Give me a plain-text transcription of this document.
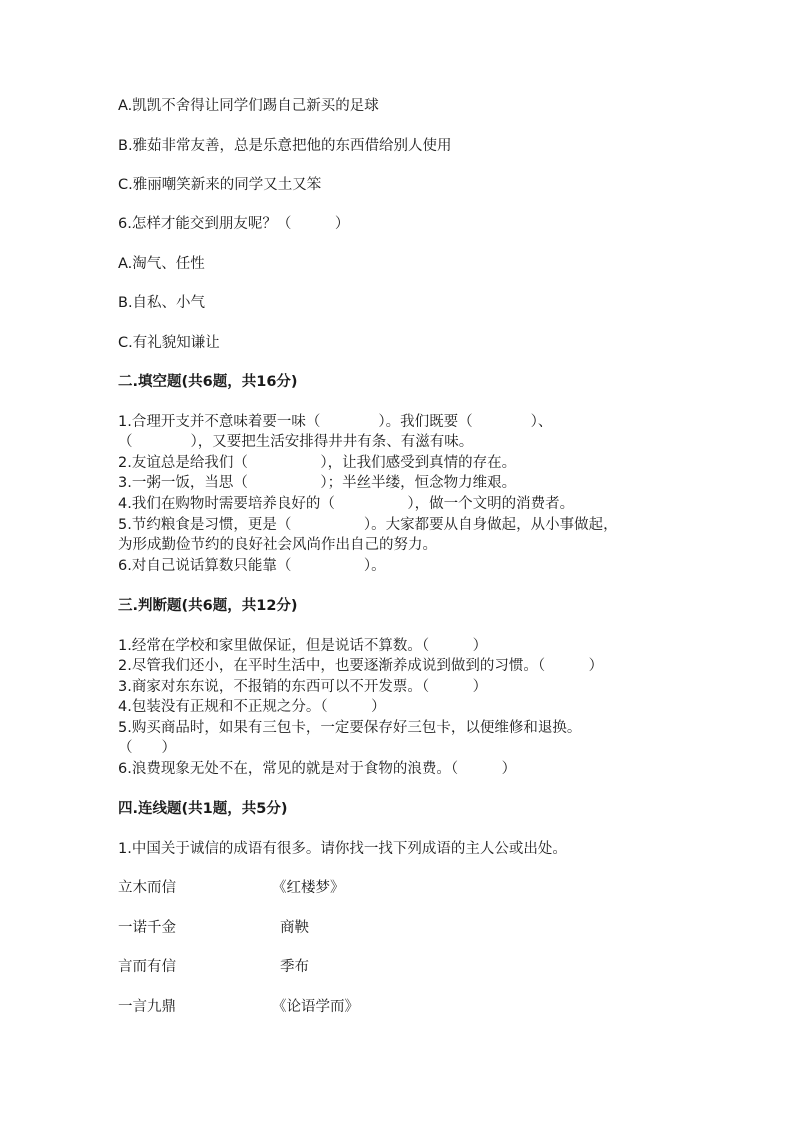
A.凯凯不舍得让同学们踢自己新买的足球
B.雅茹非常友善，总是乐意把他的东西借给别人使用
C.雅丽嘲笑新来的同学又土又笨
6.怎样才能交到朋友呢？（　　　）
A.淘气、任性
B.自私、小气
C.有礼貌知谦让
二.填空题(共6题，共16分)
1.合理开支并不意味着要一味（　　　　）。我们既要（　　　　）、
（　　　　），又要把生活安排得井井有条、有滋有味。
2.友谊总是给我们（　　　　　），让我们感受到真情的存在。
3.一粥一饭，当思（　　　　　）；半丝半缕，恒念物力维艰。
4.我们在购物时需要培养良好的（　　　　　），做一个文明的消费者。
5.节约粮食是习惯，更是（　　　　　）。大家都要从自身做起，从小事做起，
为形成勤俭节约的良好社会风尚作出自己的努力。
6.对自己说话算数只能靠（　　　　　）。
三.判断题(共6题，共12分)
1.经常在学校和家里做保证，但是说话不算数。（　　　）
2.尽管我们还小，在平时生活中，也要逐渐养成说到做到的习惯。（　　　）
3.商家对东东说，不报销的东西可以不开发票。（　　　）
4.包装没有正规和不正规之分。（　　　）
5.购买商品时，如果有三包卡，一定要保存好三包卡，以便维修和退换。
（　　）
6.浪费现象无处不在，常见的就是对于食物的浪费。（　　　）
四.连线题(共1题，共5分)
1.中国关于诚信的成语有很多。请你找一找下列成语的主人公或出处。
立木而信	《红楼梦》
一诺千金	商鞅
言而有信	季布
一言九鼎	《论语学而》
